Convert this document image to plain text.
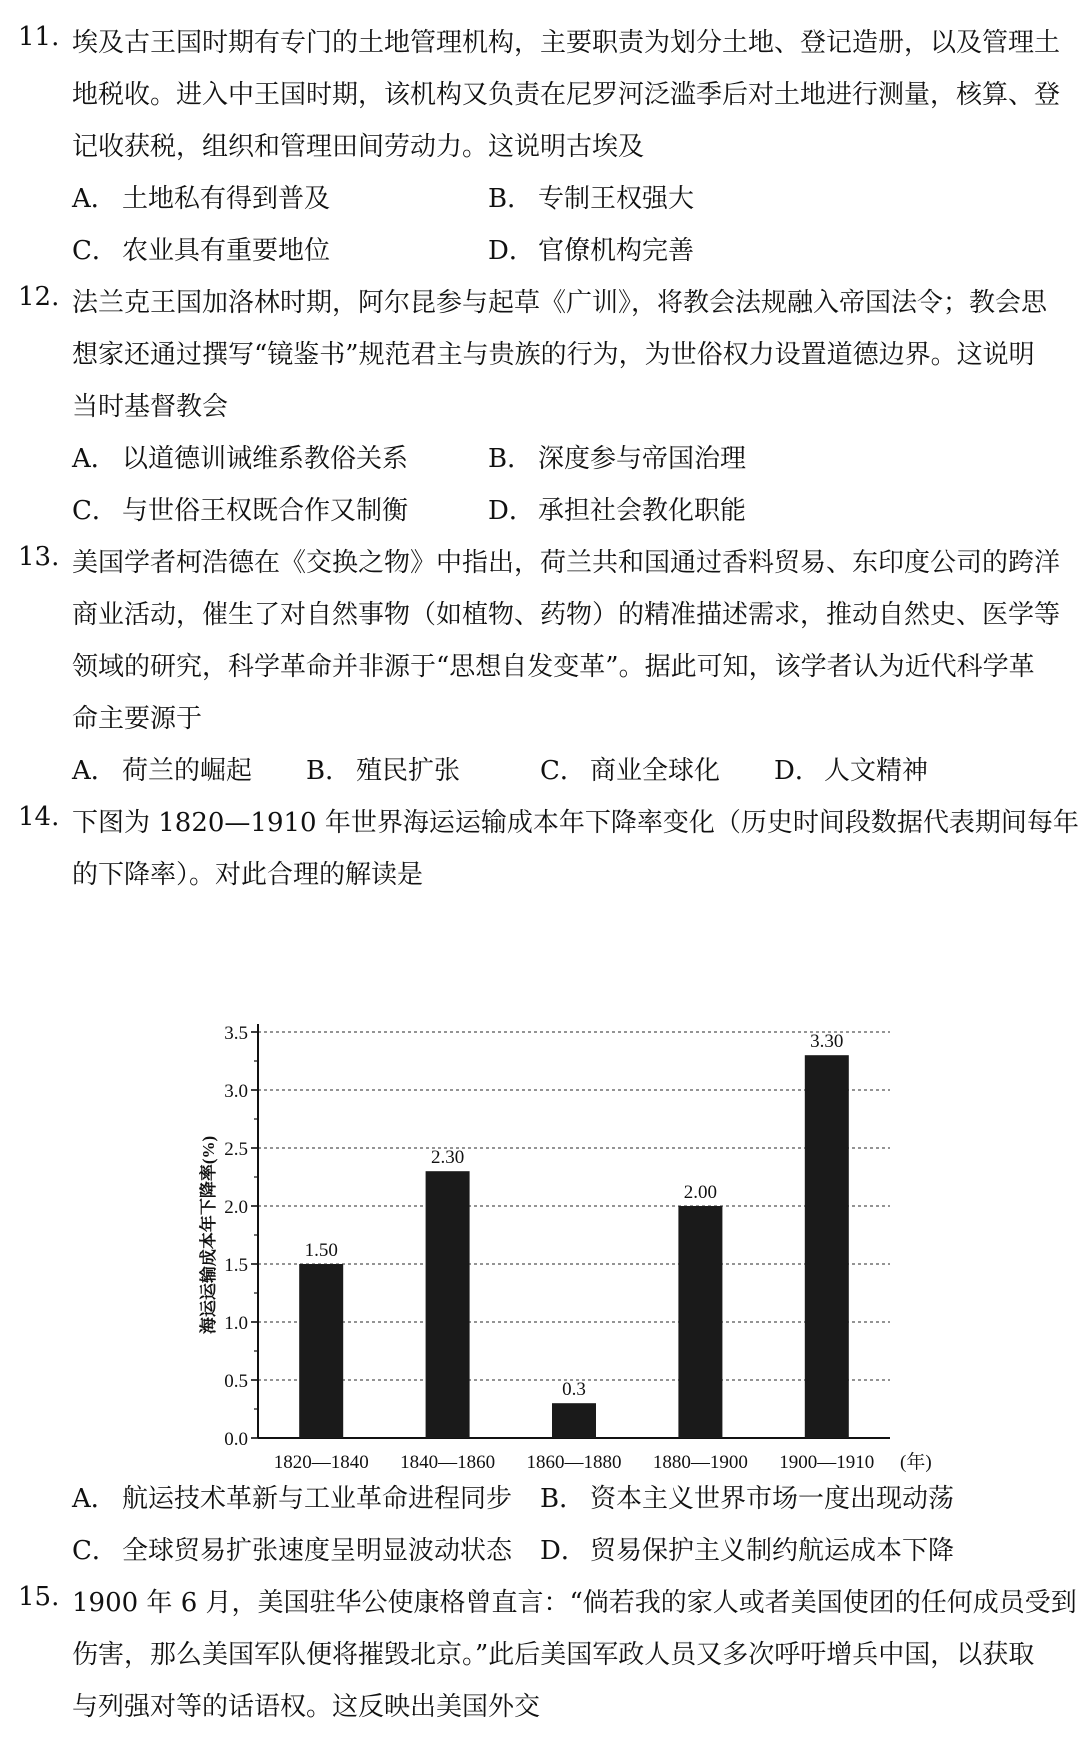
11. 埃及古王国时期有专门的土地管理机构，主要职责为划分土地、登记造册，以及管理土
地税收。进入中王国时期，该机构又负责在尼罗河泛滥季后对土地进行测量，核算、登
记收获税，组织和管理田间劳动力。这说明古埃及
A． 土地私有得到普及	B． 专制王权强大
C． 农业具有重要地位	D． 官僚机构完善
12. 法兰克王国加洛林时期，阿尔昆参与起草《广训》，将教会法规融入帝国法令；教会思
想家还通过撰写“镜鉴书”规范君主与贵族的行为，为世俗权力设置道德边界。这说明
当时基督教会
A． 以道德训诫维系教俗关系	B． 深度参与帝国治理
C． 与世俗王权既合作又制衡	D． 承担社会教化职能
13. 美国学者柯浩德在《交换之物》中指出，荷兰共和国通过香料贸易、东印度公司的跨洋
商业活动，催生了对自然事物（如植物、药物）的精准描述需求，推动自然史、医学等
领域的研究，科学革命并非源于“思想自发变革”。据此可知，该学者认为近代科学革
命主要源于
A． 荷兰的崛起 B． 殖民扩张	C． 商业全球化 D． 人文精神
14. 下图为 1820—1910 年世界海运运输成本年下降率变化（历史时间段数据代表期间每年
的下降率）。对此合理的解读是
0.0
0.5
1.0
1.5
2.0
2.5
3.0
3.5
1.50
1820—1840
2.30
1840—1860
0.3
1860—1880
2.00
1880—1900
3.30
1900—1910 (年)
海运运输成本年下降率(%)
A． 航运技术革新与工业革命进程同步 B． 资本主义世界市场一度出现动荡
C． 全球贸易扩张速度呈明显波动状态 D． 贸易保护主义制约航运成本下降
15. 1900 年 6 月，美国驻华公使康格曾直言：“倘若我的家人或者美国使团的任何成员受到
伤害，那么美国军队便将摧毁北京。”此后美国军政人员又多次呼吁增兵中国，以获取
与列强对等的话语权。这反映出美国外交
